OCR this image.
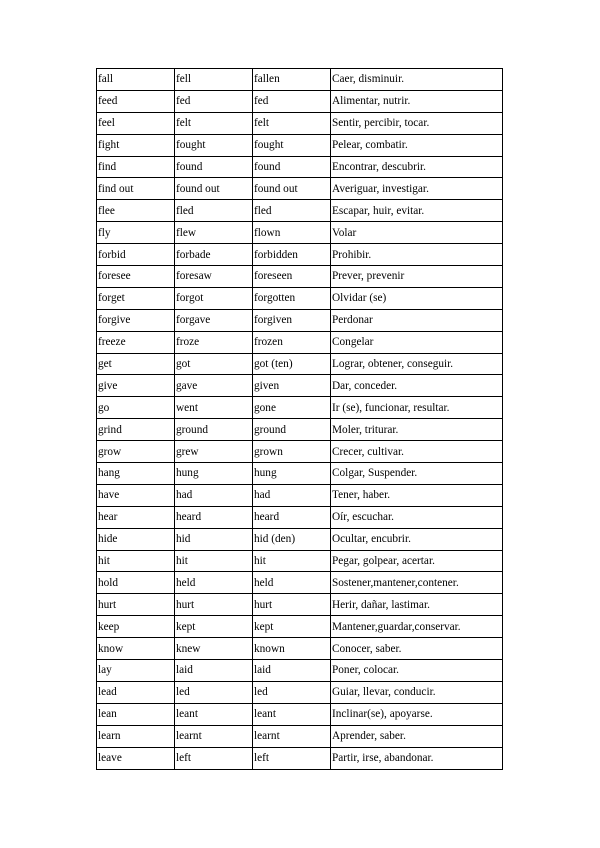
fall	fell	fallen	Caer, disminuir.
feed	fed	fed	Alimentar, nutrir.
feel	felt	felt	Sentir, percibir, tocar.
fight	fought	fought	Pelear, combatir.
find	found	found	Encontrar, descubrir.
find out	found out	found out	Averiguar, investigar.
flee	fled	fled	Escapar, huir, evitar.
fly	flew	flown	Volar
forbid	forbade	forbidden	Prohibir.
foresee	foresaw	foreseen	Prever, prevenir
forget	forgot	forgotten	Olvidar (se)
forgive	forgave	forgiven	Perdonar
freeze	froze	frozen	Congelar
get	got	got (ten)	Lograr, obtener, conseguir.
give	gave	given	Dar, conceder.
go	went	gone	Ir (se), funcionar, resultar.
grind	ground	ground	Moler, triturar.
grow	grew	grown	Crecer, cultivar.
hang	hung	hung	Colgar, Suspender.
have	had	had	Tener, haber.
hear	heard	heard	Oír, escuchar.
hide	hid	hid (den)	Ocultar, encubrir.
hit	hit	hit	Pegar, golpear, acertar.
hold	held	held	Sostener,mantener,contener.
hurt	hurt	hurt	Herir, dañar, lastimar.
keep	kept	kept	Mantener,guardar,conservar.
know	knew	known	Conocer, saber.
lay	laid	laid	Poner, colocar.
lead	led	led	Guiar, llevar, conducir.
lean	leant	leant	Inclinar(se), apoyarse.
learn	learnt	learnt	Aprender, saber.
leave	left	left	Partir, irse, abandonar.
